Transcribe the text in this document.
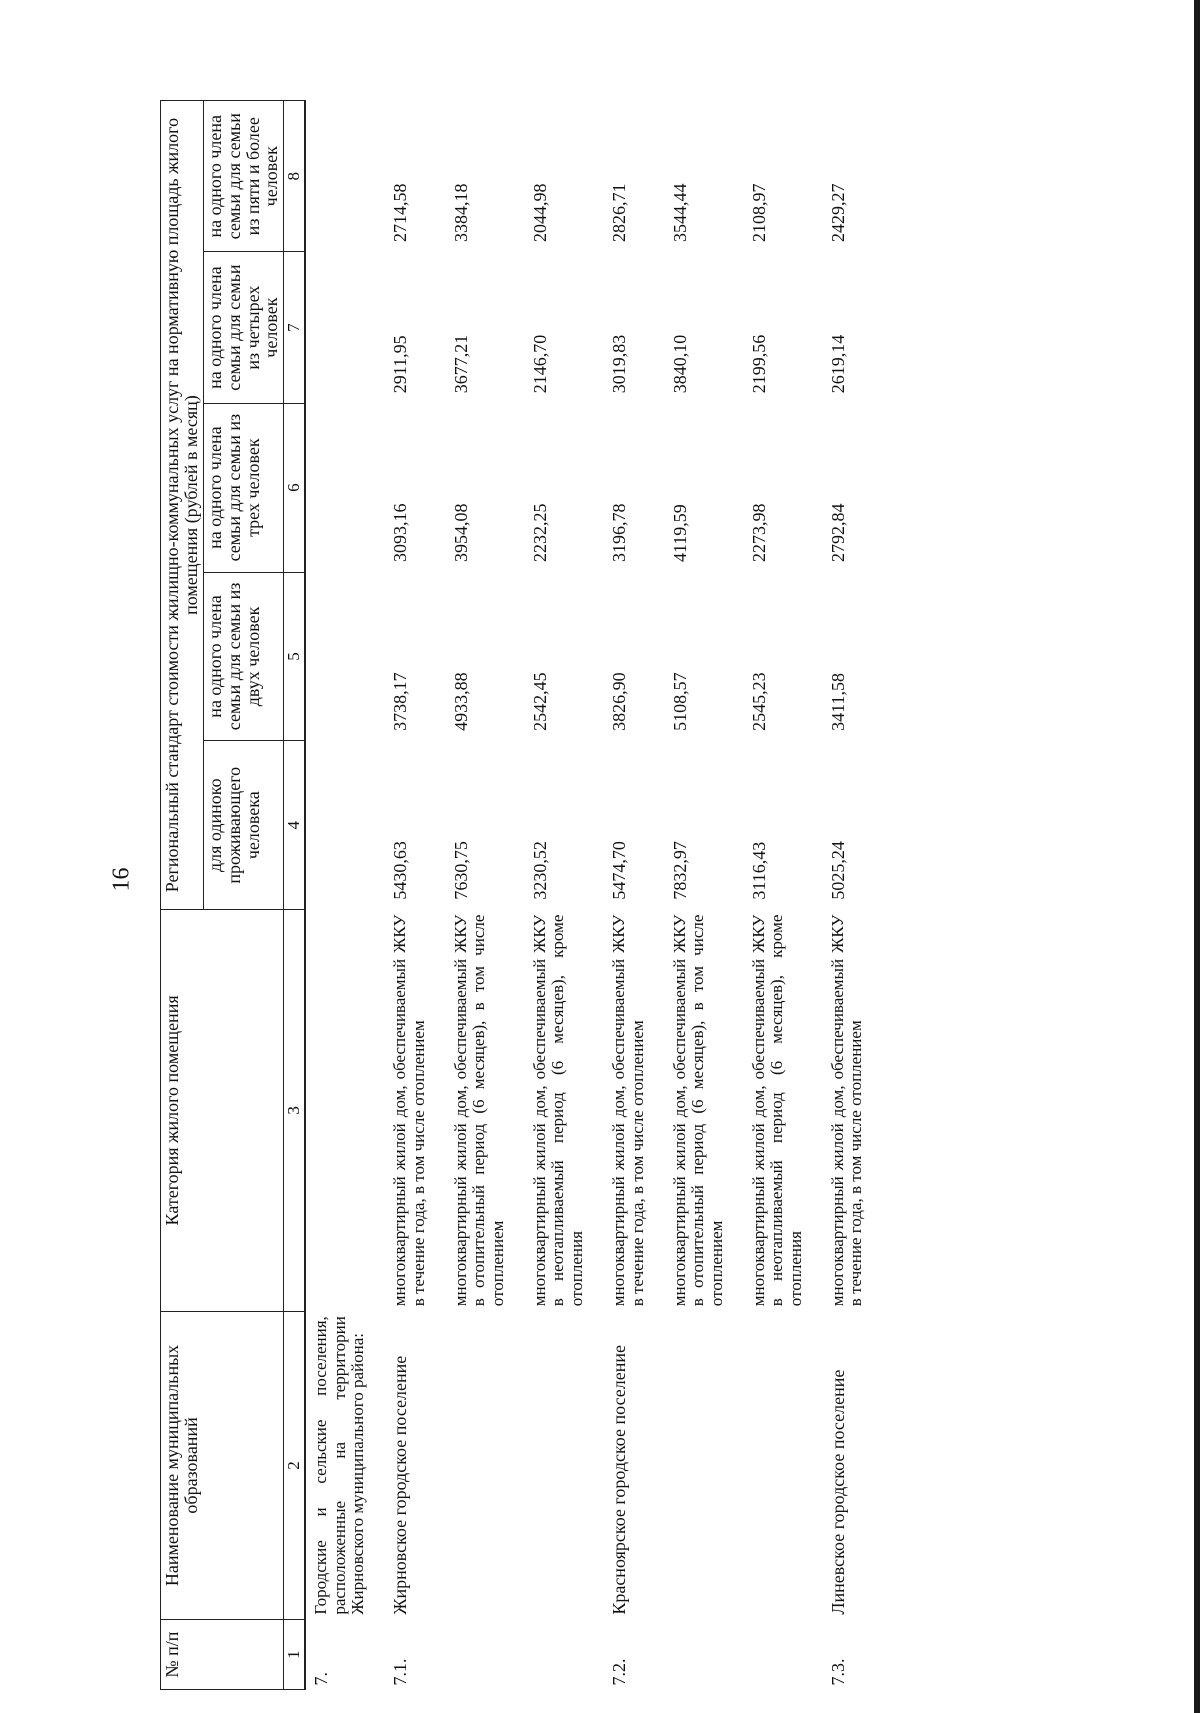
16
№ п/п	Наименование муниципальных образований	Категория жилого помещения	Региональный стандарт стоимости жилищно-коммунальных услуг на нормативную площадь жилого помещения (рублей в месяц)				
			для одиноко проживающего человека	на одного члена семьи для семьи из двух человек	на одного члена семьи для семьи из трех человек	на одного члена семьи для семьи из четырех человек	на одного члена семьи для семьи из пяти и более человек
1	2	3	4	5	6	7	8
7.	Городские и сельские поселения, расположенные на территории Жирновского муниципального района:						
7.1.	Жирновское городское поселение	многоквартирный жилой дом, обеспечиваемый ЖКУ в течение года, в том числе отоплением	5430,63	3738,17	3093,16	2911,95	2714,58
		многоквартирный жилой дом, обеспечиваемый ЖКУ в отопительный период (6 месяцев), в том числе отоплением	7630,75	4933,88	3954,08	3677,21	3384,18
		многоквартирный жилой дом, обеспечиваемый ЖКУ в неотапливаемый период (6 месяцев), кроме отопления	3230,52	2542,45	2232,25	2146,70	2044,98
7.2.	Красноярское городское поселение	многоквартирный жилой дом, обеспечиваемый ЖКУ в течение года, в том числе отоплением	5474,70	3826,90	3196,78	3019,83	2826,71
		многоквартирный жилой дом, обеспечиваемый ЖКУ в отопительный период (6 месяцев), в том числе отоплением	7832,97	5108,57	4119,59	3840,10	3544,44
		многоквартирный жилой дом, обеспечиваемый ЖКУ в неотапливаемый период (6 месяцев), кроме отопления	3116,43	2545,23	2273,98	2199,56	2108,97
7.3.	Линевское городское поселение	многоквартирный жилой дом, обеспечиваемый ЖКУ в течение года, в том числе отоплением	5025,24	3411,58	2792,84	2619,14	2429,27
